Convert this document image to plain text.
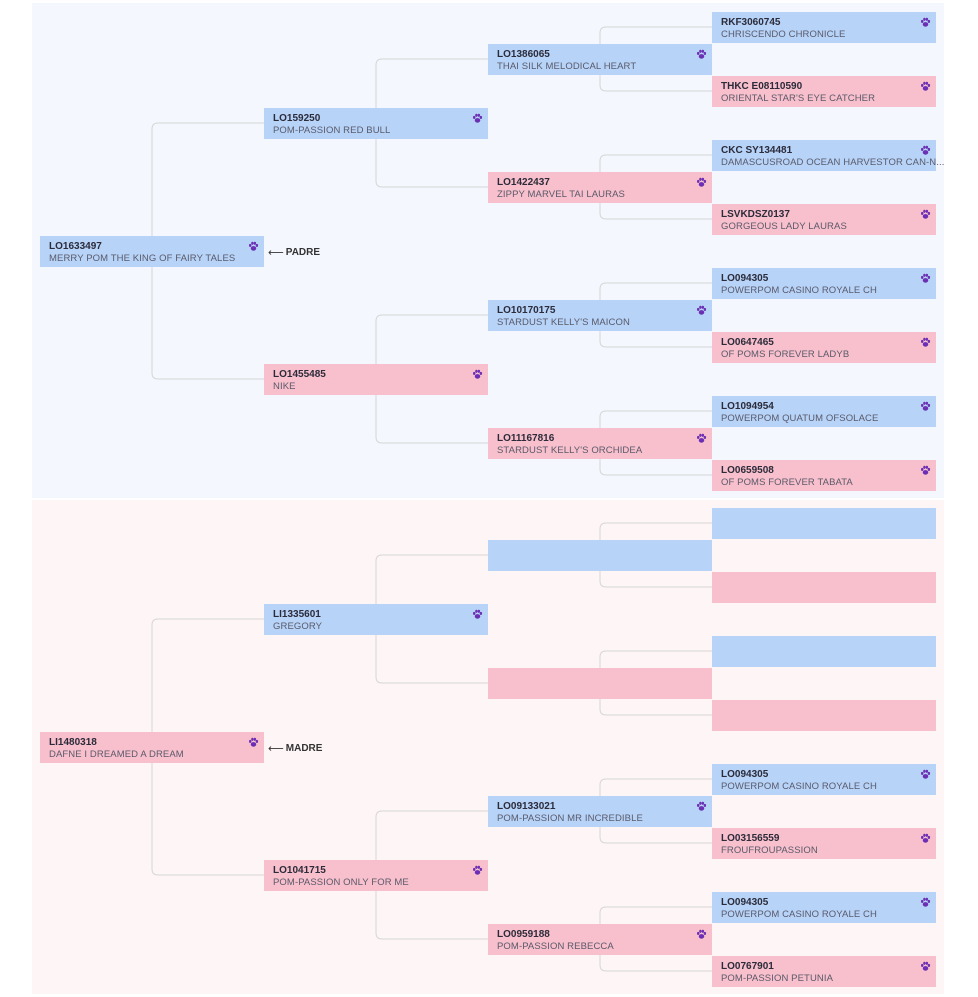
LO1633497
MERRY POM THE KING OF FAIRY TALES
LO159250
POM-PASSION RED BULL
LO1386065
THAI SILK MELODICAL HEART
RKF3060745
CHRISCENDO CHRONICLE
THKC E08110590
ORIENTAL STAR'S EYE CATCHER
LO1422437
ZIPPY MARVEL TAI LAURAS
CKC SY134481
DAMASCUSROAD OCEAN HARVESTOR CAN-N...
LSVKDSZ0137
GORGEOUS LADY LAURAS
LO1455485
NIKE
LO10170175
STARDUST KELLY'S MAICON
LO094305
POWERPOM CASINO ROYALE CH
LO0647465
OF POMS FOREVER LADYB
LO11167816
STARDUST KELLY'S ORCHIDEA
LO1094954
POWERPOM QUATUM OFSOLACE
LO0659508
OF POMS FOREVER TABATA
LI1480318
DAFNE I DREAMED A DREAM
LI1335601
GREGORY
LO1041715
POM-PASSION ONLY FOR ME
LO09133021
POM-PASSION MR INCREDIBLE
LO094305
POWERPOM CASINO ROYALE CH
LO03156559
FROUFROUPASSION
LO0959188
POM-PASSION REBECCA
LO094305
POWERPOM CASINO ROYALE CH
LO0767901
POM-PASSION PETUNIA
⟵ PADRE
⟵ MADRE
